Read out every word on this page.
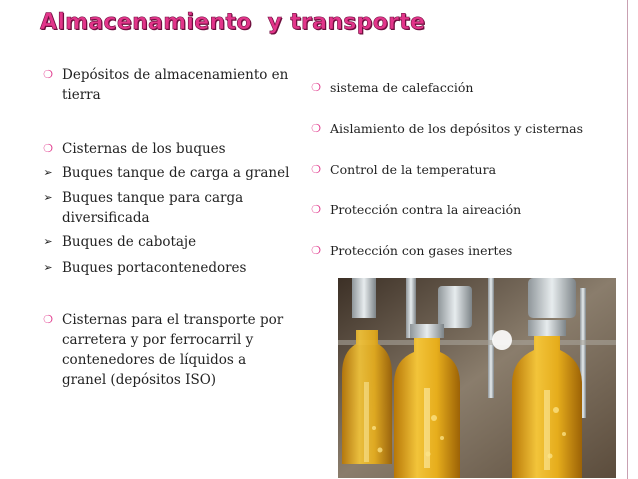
Almacenamiento  y transporte
❍ Depósitos de almacenamiento en
tierra
❍ Cisternas de los buques
➢ Buques tanque de carga a granel
➢ Buques tanque para carga
diversificada
➢ Buques de cabotaje
➢ Buques portacontenedores
❍ Cisternas para el transporte por
carretera y por ferrocarril y
contenedores de líquidos a
granel (depósitos ISO)
❍ sistema de calefacción
❍ Aislamiento de los depósitos y cisternas
❍ Control de la temperatura
❍ Protección contra la aireación
❍ Protección con gases inertes
